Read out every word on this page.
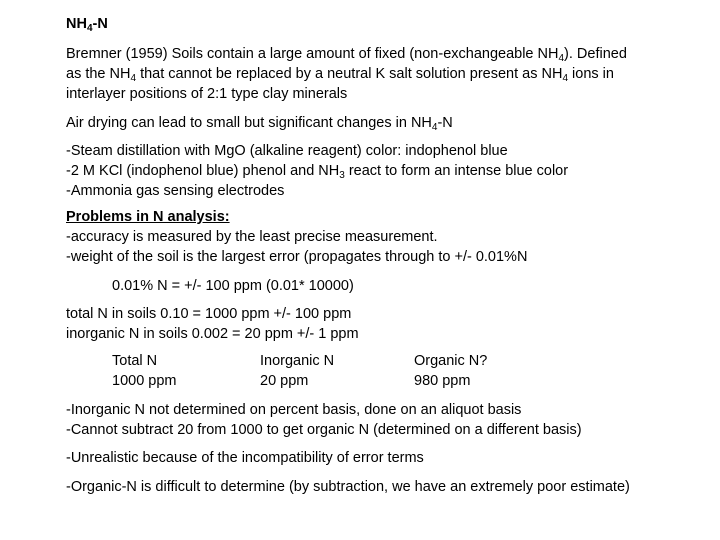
$NH_4-N$
Bremner (1959) Soils contain a large amount of fixed (non-exchangeable $NH_4$). Defined
as the $NH_4$ that cannot be replaced by a neutral K salt solution present as $NH_4$ ions in
interlayer positions of 2:1 type clay minerals
Air drying can lead to small but significant changes in $NH_4-N$
-Steam distillation with MgO (alkaline reagent) color: indophenol blue
-2 M KCl (indophenol blue) phenol and $NH_3$ react to form an intense blue color
-Ammonia gas sensing electrodes
Problems in N analysis:
-accuracy is measured by the least precise measurement.
-weight of the soil is the largest error (propagates through to +/- 0.01%N
0.01% N = +/- 100 ppm (0.01* 10000)
total N in soils 0.10 = 1000 ppm +/- 100 ppm
inorganic N in soils 0.002 = 20 ppm +/- 1 ppm
Total N
1000 ppm
Inorganic N
20 ppm
Organic N?
980 ppm
-Inorganic N not determined on percent basis, done on an aliquot basis
-Cannot subtract 20 from 1000 to get organic N (determined on a different basis)
-Unrealistic because of the incompatibility of error terms
-Organic-N is difficult to determine (by subtraction, we have an extremely poor estimate)
